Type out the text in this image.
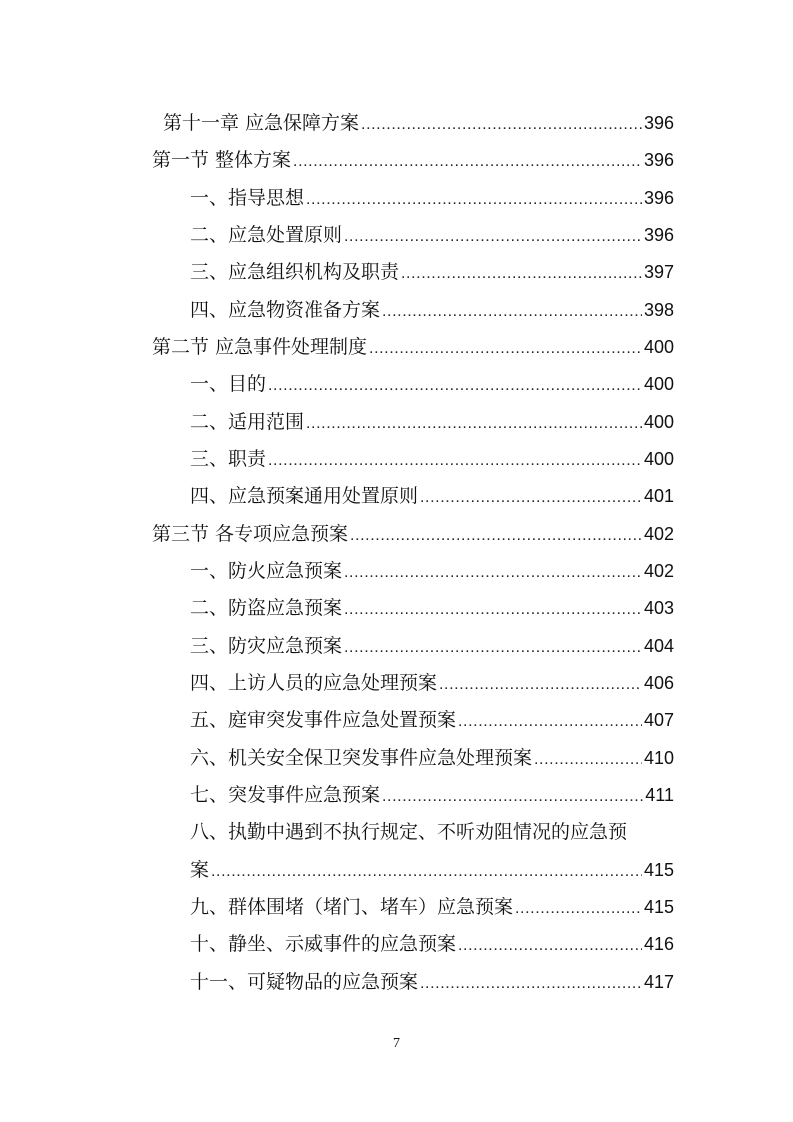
第十一章 应急保障方案 .....	396
第一节 整体方案 .....	396
一、指导思想 .....	396
二、应急处置原则 .....	396
三、应急组织机构及职责 .....	397
四、应急物资准备方案 .....	398
第二节 应急事件处理制度 .....	400
一、目的 .....	400
二、适用范围 .....	400
三、职责 .....	400
四、应急预案通用处置原则 .....	401
第三节 各专项应急预案 .....	402
一、防火应急预案 .....	402
二、防盗应急预案 .....	403
三、防灾应急预案 .....	404
四、上访人员的应急处理预案 .....	406
五、庭审突发事件应急处置预案 .....	407
六、机关安全保卫突发事件应急处理预案 .....	410
七、突发事件应急预案 .....	411
八、执勤中遇到不执行规定、不听劝阻情况的应急预
案 .....	415
九、群体围堵（堵门、堵车）应急预案 .....	415
十、静坐、示威事件的应急预案 .....	416
十一、可疑物品的应急预案 .....	417
7
